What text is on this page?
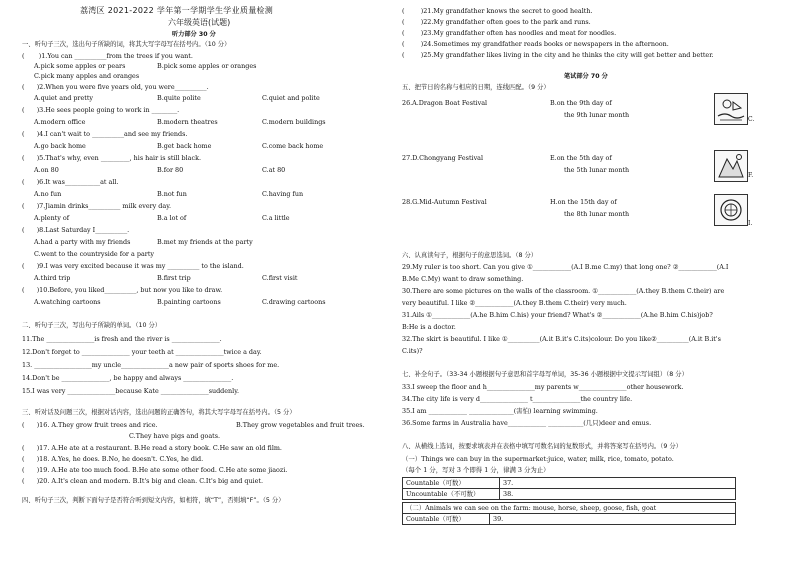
荔湾区 2021-2022 学年第一学期学生学业质量检测
六年级英语(试题)
听力部分 30 分
一、听句子三次，选出句子所缺的词，将其大写字母写在括号内。（10 分）
(       )1.You can __________from the trees if you want.
A.pick some apples or pears	B.pick some apples or oranges
C.pick many apples and oranges
(      )2.When you were five years old, you were__________.
A.quiet and pretty	B.quite polite	C.quiet and polite
(      )3.He sees people going to work in ________.
A.modern office	B.modern theatres	C.modern buildings
(      )4.I can't wait to __________and see my friends.
A.go back home	B.get back home	C.come back home
(      )5.That's why, even _________, his hair is still black.
A.on 80	B.for 80	C.at 80
(      )6.It was___________at all.
A.no fun	B.not fun	C.having fun
(      )7.Jiamin drinks__________ milk every day.
A.plenty of	B.a lot of	C.a little
(      )8.Last Saturday I__________.
A.had a party with my friends	B.met my friends at the party
C.went to the countryside for a party
(      )9.I was very excited because it was my __________ to the island.
A.third trip	B.first trip	C.first visit
(      )10.Before, you liked__________, but now you like to draw.
A.watching cartoons	B.painting cartoons	C.drawing cartoons
二、听句子三次，写出句子所缺的单词。（10 分）
11.The _______________is fresh and the river is _______________.
12.Don't forget to _______________ your teeth at _______________twice a day.
13. __________________my uncle_______________a new pair of sports shoes for me.
14.Don't be _______________, be happy and always _______________.
15.I was very _______________because Kate _______________suddenly.
三、听对话及问题三次，根据对话内容，选出问题的正确答句，将其大写字母写在括号内。（5 分）
(      )16. A.They grow fruit trees and rice.	B.They grow vegetables and fruit trees.
C.They have pigs and goats.
(      )17. A.He ate at a restaurant. B.He read a story book. C.He saw an old film.
(      )18. A.Yes, he does. B.No, he doesn't. C.Yes, he did.
(      )19. A.He ate too much food. B.He ate some other food. C.He ate some jiaozi.
(      )20. A.It's clean and modern. B.It's big and clean. C.It's big and quiet.
四、听句子三次，判断下面句子是否符合听到短文内容，如相符，填“T”，否则填“F”。（5 分）
(        )21.My grandfather knows the secret to good health.
(        )22.My grandfather often goes to the park and runs.
(        )23.My grandfather often has noodles and meat for noodles.
(        )24.Sometimes my grandfather reads books or newspapers in the afternoon.
(        )25.My grandfather likes living in the city and he thinks the city will get better and better.
笔试部分 70 分
五、把节日的名称与相应的日期，连线匹配。（9 分）
26.A.Dragon Boat Festival	B.on the 9th day of
the 9th lunar month
C.
27.D.Chongyang Festival	E.on the 5th day of
the 5th lunar month
F.
28.G.Mid-Autumn Festival	H.on the 15th day of
the 8th lunar month
I.
六、认真读句子，根据句子的意思选词。（8 分）
29.My ruler is too short. Can you give ①____________(A.I B.me C.my) that long one? ②____________(A.I
B.Me C.My) want to draw something.
30.There are some pictures on the walls of the classroom. ①____________(A.they B.them C.their) are
very beautiful. I like ②____________(A.they B.them C.their) very much.
31.Ails ①____________(A.he B.him C.his) your friend? What's ②____________(A.he B.him C.his)job?
B:He is a doctor.
32.The skirt is beautiful. I like ①__________(A.it B.it's C.its)colour. Do you like②__________(A.it B.it's
C.its)?
七、补全句子。（33-34 小题根据句子意思和首字母写单词，35-36 小题根据中文提示写词组）（8 分）
33.I sweep the floor and h_______________my parents w_______________other housework.
34.The city life is very d_______________ t_______________the country life.
35.I am ____________ ______________(害怕) learning swimming.
36.Some farms in Australia have____________ ___________(几只)deer and emus.
八、从横线上选词，按要求填表并在表格中填写可数名词的复数形式，并将答案写在括号内。（9 分）
（一）Things we can buy in the supermarket:juice, water, milk, rice, tomato, potato.
（每个 1 分，写对 3 个即得 1 分，律满 3 分为止）
Countable（可数）	37.
Uncountable（不可数）	38.
（二）Animals we can see on the farm: mouse, horse, sheep, goose, fish, goat
Countable（可数）	39.
